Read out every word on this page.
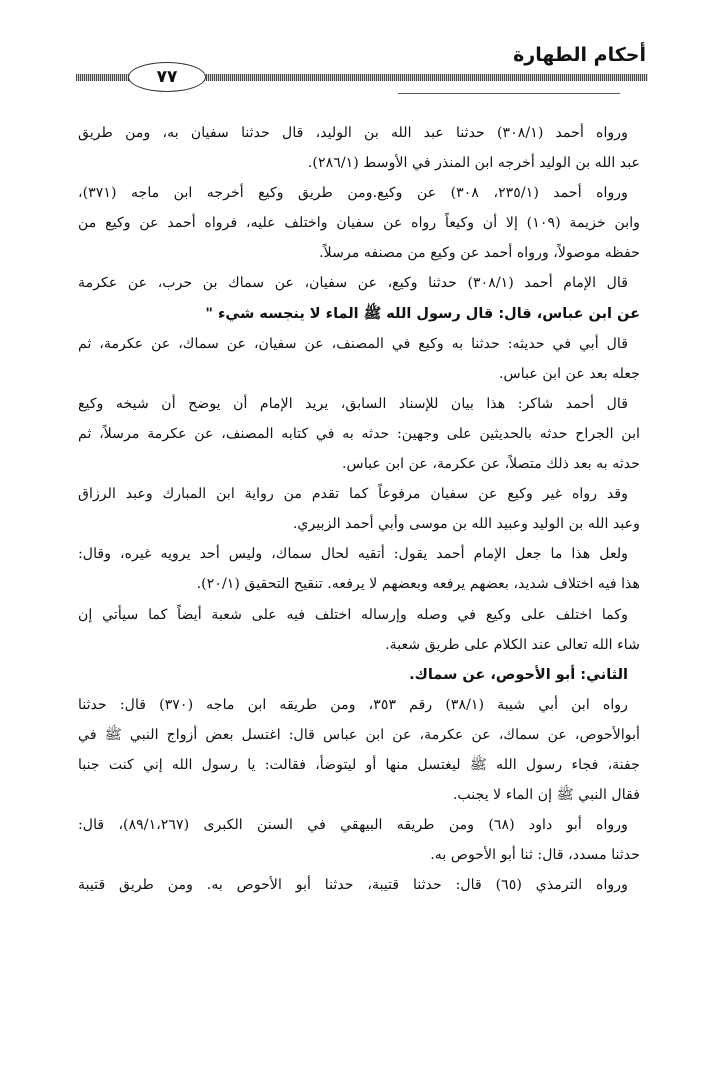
أحكام الطهارة
٧٧
ورواه أحمد (٣٠٨/١) حدثنا عبد الله بن الوليد، قال حدثنا سفيان به، ومن طريق
عبد الله بن الوليد أخرجه ابن المنذر في الأوسط (٢٨٦/١).
ورواه أحمد (٢٣٥/١، ٣٠٨) عن وكيع.ومن طريق وكيع أخرجه ابن ماجه (٣٧١)،
وابن خزيمة (١٠٩) إلا أن وكيعاً رواه عن سفيان واختلف عليه، فرواه أحمد عن وكيع من
حفظه موصولاً، ورواه أحمد عن وكيع من مصنفه مرسلاً.
قال الإمام أحمد (٣٠٨/١) حدثنا وكيع، عن سفيان، عن سماك بن حرب، عن عكرمة
عن ابن عباس، قال: قال رسول الله ﷺ الماء لا ينجسه شيء "
قال أبي في حديثه: حدثنا به وكيع في المصنف، عن سفيان، عن سماك، عن عكرمة، ثم
جعله بعد عن ابن عباس.
قال أحمد شاكر: هذا بيان للإسناد السابق، يريد الإمام أن يوضح أن شيخه وكيع
ابن الجراح حدثه بالحديثين على وجهين: حدثه به في كتابه المصنف، عن عكرمة مرسلاً، ثم
حدثه به بعد ذلك متصلاً، عن عكرمة، عن ابن عباس.
وقد رواه غير وكيع عن سفيان مرفوعاً كما تقدم من رواية ابن المبارك وعبد الرزاق
وعبد الله بن الوليد وعبيد الله بن موسى وأبي أحمد الزبيري.
ولعل هذا ما جعل الإمام أحمد يقول: أتقيه لحال سماك، وليس أحد يرويه غيره، وقال:
هذا فيه اختلاف شديد، بعضهم يرفعه وبعضهم لا يرفعه. تنقيح التحقيق (٢٠/١).
وكما اختلف على وكيع في وصله وإرساله اختلف فيه على شعبة أيضاً كما سيأتي إن
شاء الله تعالى عند الكلام على طريق شعبة.
الثاني: أبو الأحوص، عن سماك.
رواه ابن أبي شيبة (٣٨/١) رقم ٣٥٣، ومن طريقه ابن ماجه (٣٧٠) قال: حدثنا
أبوالأحوص، عن سماك، عن عكرمة، عن ابن عباس قال: اغتسل بعض أزواج النبي ﷺ في
جفنة، فجاء رسول الله ﷺ ليغتسل منها أو ليتوضأ، فقالت: يا رسول الله إني كنت جنبا
فقال النبي ﷺ إن الماء لا يجنب.
ورواه أبو داود (٦٨) ومن طريقه البيهقي في السنن الكبرى (٨٩/١،٢٦٧)، قال:
حدثنا مسدد، قال: ثنا أبو الأحوص به.
ورواه الترمذي (٦٥) قال: حدثنا قتيبة، حدثنا أبو الأحوص به. ومن طريق قتيبة
